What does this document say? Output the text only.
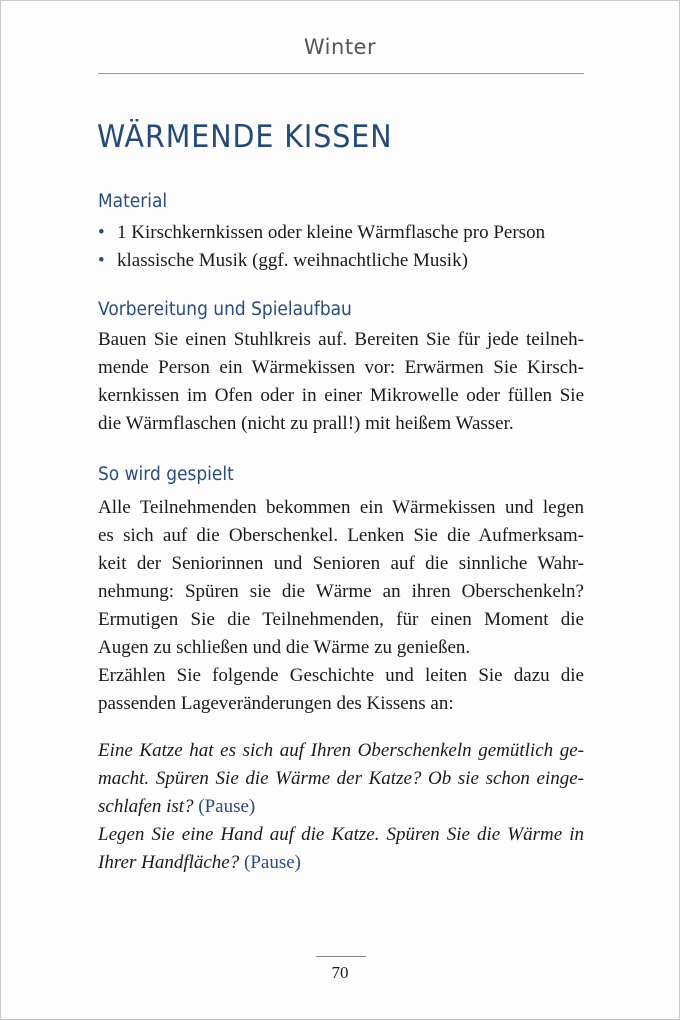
Winter
WÄRMENDE KISSEN
Material
• 1 Kirschkernkissen oder kleine Wärmflasche pro Person
• klassische Musik (ggf. weihnachtliche Musik)
Vorbereitung und Spielaufbau
Bauen Sie einen Stuhlkreis auf. Bereiten Sie für jede teilneh-
mende Person ein Wärmekissen vor: Erwärmen Sie Kirsch-
kernkissen im Ofen oder in einer Mikrowelle oder füllen Sie
die Wärmflaschen (nicht zu prall!) mit heißem Wasser.
So wird gespielt
Alle Teilnehmenden bekommen ein Wärmekissen und legen
es sich auf die Oberschenkel. Lenken Sie die Aufmerksam-
keit der Seniorinnen und Senioren auf die sinnliche Wahr-
nehmung: Spüren sie die Wärme an ihren Oberschenkeln?
Ermutigen Sie die Teilnehmenden, für einen Moment die
Augen zu schließen und die Wärme zu genießen.
Erzählen Sie folgende Geschichte und leiten Sie dazu die
passenden Lageveränderungen des Kissens an:
Eine Katze hat es sich auf Ihren Oberschenkeln gemütlich ge-
macht. Spüren Sie die Wärme der Katze? Ob sie schon einge-
schlafen ist? (Pause)
Legen Sie eine Hand auf die Katze. Spüren Sie die Wärme in
Ihrer Handfläche? (Pause)
70
